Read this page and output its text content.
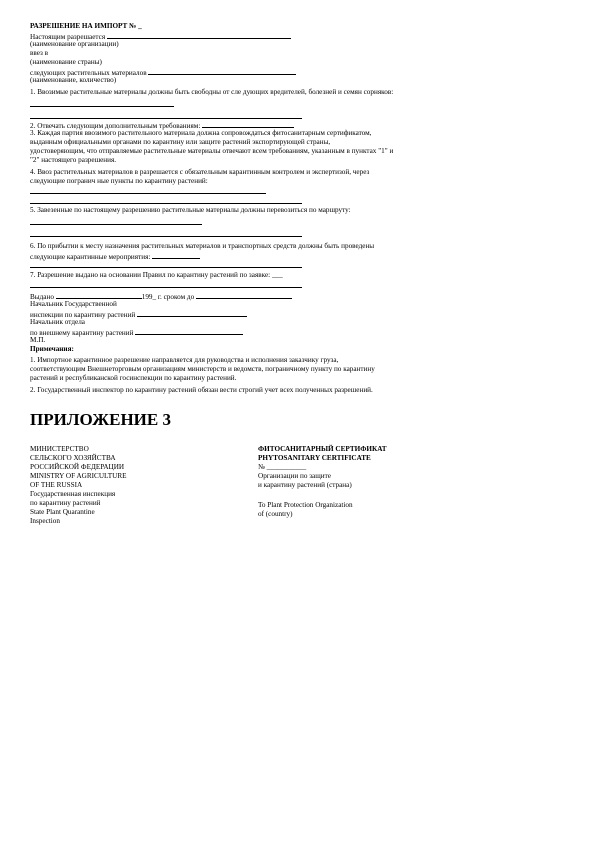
РАЗРЕШЕНИЕ НА ИМПОРТ № _
Настоящим разрешается
(наименование организации)
ввез в
(наименование страны)
следующих растительных материалов
(наименование, количество)
1. Ввозимые растительные материалы должны быть свободны от сле дующих вредителей, болезней и семян сорняков:
2. Отвечать следующим дополнительным требованиям:
3. Каждая партия ввозимого растительного материала должна сопровождаться фитосанитарным сертификатом,
выданным официальными органами по карантину или защите растений экспортирующей страны,
удостоверяющим, что отправляемые растительные материалы отвечают всем требованиям, указанным в пунктах "1" и
"2" настоящего разрешения.
4. Ввоз растительных материалов в разрешается с обязательным карантинным контролем и экспертизой, через
следующие погранич ные пункты по карантину растений:
5. Завезенные по настоящему разрешению растительные материалы должны перевозиться по маршруту:
6. По прибытии к месту назначения растительных материалов и транспортных средств должны быть проведены
следующие карантинные мероприятия:
7. Разрешение выдано на основании Правил по карантину растений по заявке: ___
Выдано	199_ г. сроком до
Начальник Государственной
инспекции по карантину растений
Начальник отдела
по внешнему карантину растений
М.П.
Примечания:
1. Импортное карантинное разрешение направляется для руководства и исполнения заказчику груза,
соответствующим Внешнеторговым организациям министерств и ведомств, пограничному пункту по карантину
растений и республиканской госинспекции по карантину растений.
2. Государственный инспектор по карантину растений обязан вести строгий учет всех полученных разрешений.
ПРИЛОЖЕНИЕ 3
МИНИСТЕРСТВО
СЕЛЬСКОГО ХОЗЯЙСТВА
РОССИЙСКОЙ ФЕДЕРАЦИИ
MINISTRY OF AGRICULTURE
OF THE RUSSIA
Государственная инспекция
по карантину растений
State Plant Quarantine
Inspection
ФИТОСАНИТАРНЫЙ СЕРТИФИКАТ
PHYTOSANITARY CERTIFICATE
№ ___________
Организации по защите
и карантину растений (страна)
To Plant Protection Organization
of (country)
